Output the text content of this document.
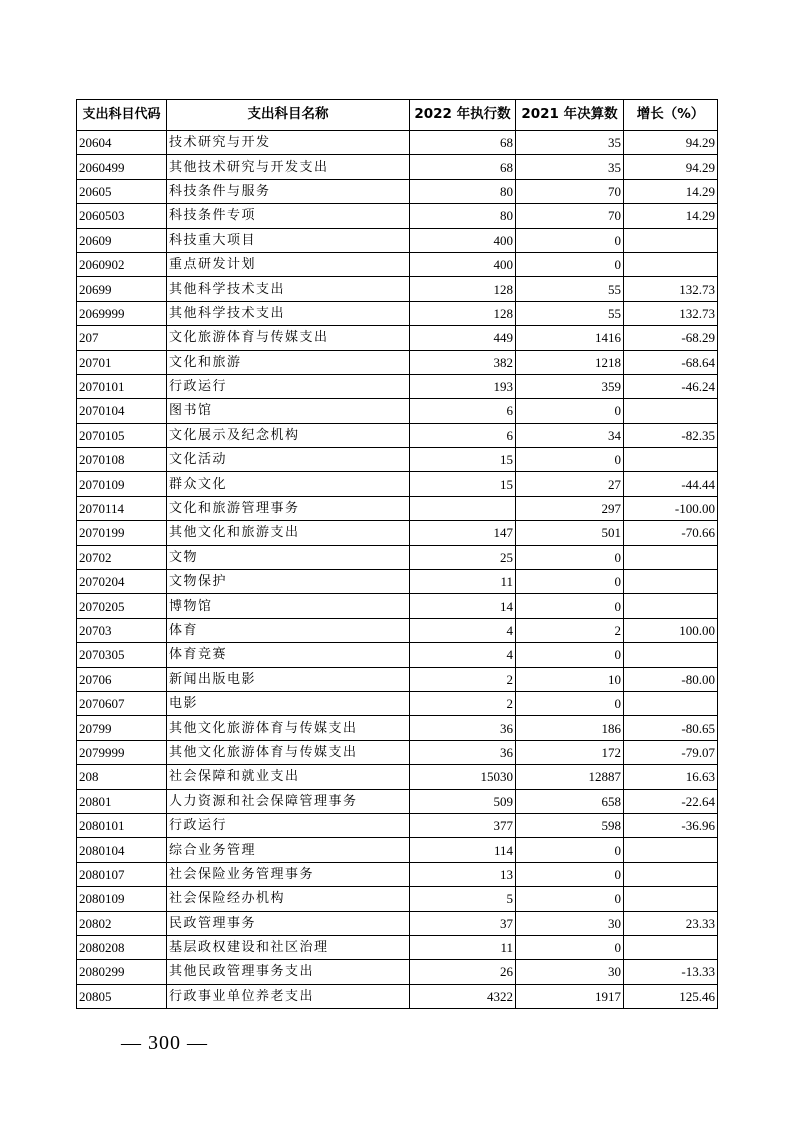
支出科目代码	支出科目名称	2022 年执行数	2021 年决算数	增长（%）
20604	技术研究与开发	68	35	94.29
2060499	其他技术研究与开发支出	68	35	94.29
20605	科技条件与服务	80	70	14.29
2060503	科技条件专项	80	70	14.29
20609	科技重大项目	400	0	
2060902	重点研发计划	400	0	
20699	其他科学技术支出	128	55	132.73
2069999	其他科学技术支出	128	55	132.73
207	文化旅游体育与传媒支出	449	1416	-68.29
20701	文化和旅游	382	1218	-68.64
2070101	行政运行	193	359	-46.24
2070104	图书馆	6	0	
2070105	文化展示及纪念机构	6	34	-82.35
2070108	文化活动	15	0	
2070109	群众文化	15	27	-44.44
2070114	文化和旅游管理事务		297	-100.00
2070199	其他文化和旅游支出	147	501	-70.66
20702	文物	25	0	
2070204	文物保护	11	0	
2070205	博物馆	14	0	
20703	体育	4	2	100.00
2070305	体育竞赛	4	0	
20706	新闻出版电影	2	10	-80.00
2070607	电影	2	0	
20799	其他文化旅游体育与传媒支出	36	186	-80.65
2079999	其他文化旅游体育与传媒支出	36	172	-79.07
208	社会保障和就业支出	15030	12887	16.63
20801	人力资源和社会保障管理事务	509	658	-22.64
2080101	行政运行	377	598	-36.96
2080104	综合业务管理	114	0	
2080107	社会保险业务管理事务	13	0	
2080109	社会保险经办机构	5	0	
20802	民政管理事务	37	30	23.33
2080208	基层政权建设和社区治理	11	0	
2080299	其他民政管理事务支出	26	30	-13.33
20805	行政事业单位养老支出	4322	1917	125.46
— 300 —
